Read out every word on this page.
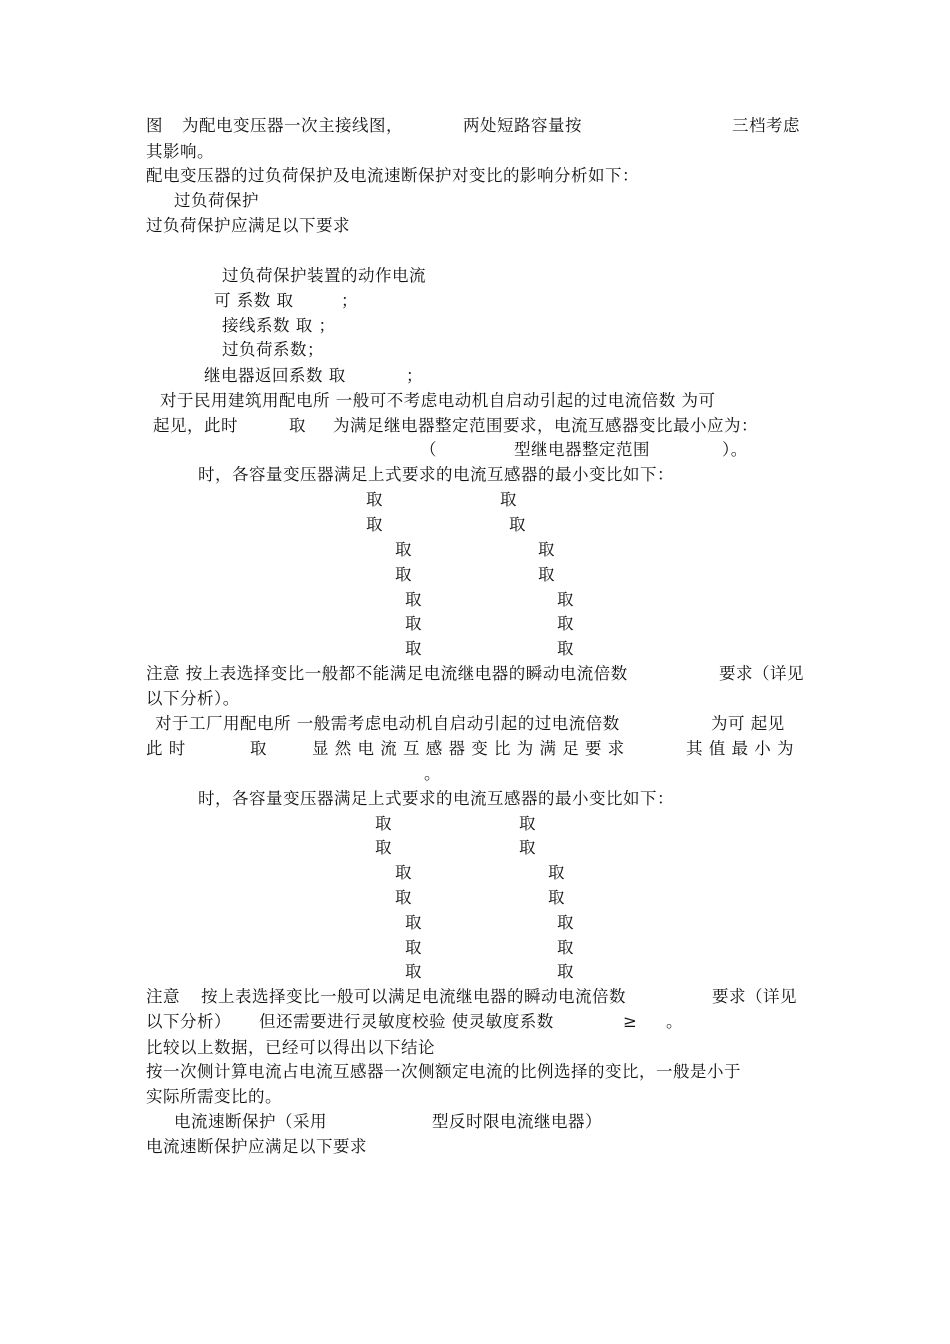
图 为配电变压器一次主接线图，	两处短路容量按	三档考虑
其影响。
配电变压器的过负荷保护及电流速断保护对变比的影响分析如下：
过负荷保护
过负荷保护应满足以下要求
过负荷保护装置的动作电流
可 系数 取	；
接线系数 取 ；
过负荷系数；
继电器返回系数 取	；
对于民用建筑用配电所 一般可不考虑电动机自启动引起的过电流倍数 为可
起见，此时	取 为满足继电器整定范围要求，电流互感器变比最小应为：
（	型继电器整定范围	）。
时，各容量变压器满足上式要求的电流互感器的最小变比如下：
取	取
取	取
取	取
取	取
取	取
取	取
取	取
注意 按上表选择变比一般都不能满足电流继电器的瞬动电流倍数	要求（详见
以下分析）。
对于工厂用配电所 一般需考虑电动机自启动引起的过电流倍数	为可 起见
此 时	取	显 然 电 流 互 感 器 变 比 为 满 足 要 求	其 值 最 小 为
。
时，各容量变压器满足上式要求的电流互感器的最小变比如下：
取	取
取	取
取	取
取	取
取	取
取	取
取	取
注意 按上表选择变比一般可以满足电流继电器的瞬动电流倍数	要求（详见
以下分析） 但还需要进行灵敏度校验 使灵敏度系数	≥ 。
比较以上数据，已经可以得出以下结论
按一次侧计算电流占电流互感器一次侧额定电流的比例选择的变比，一般是小于
实际所需变比的。
电流速断保护（采用	型反时限电流继电器）
电流速断保护应满足以下要求
